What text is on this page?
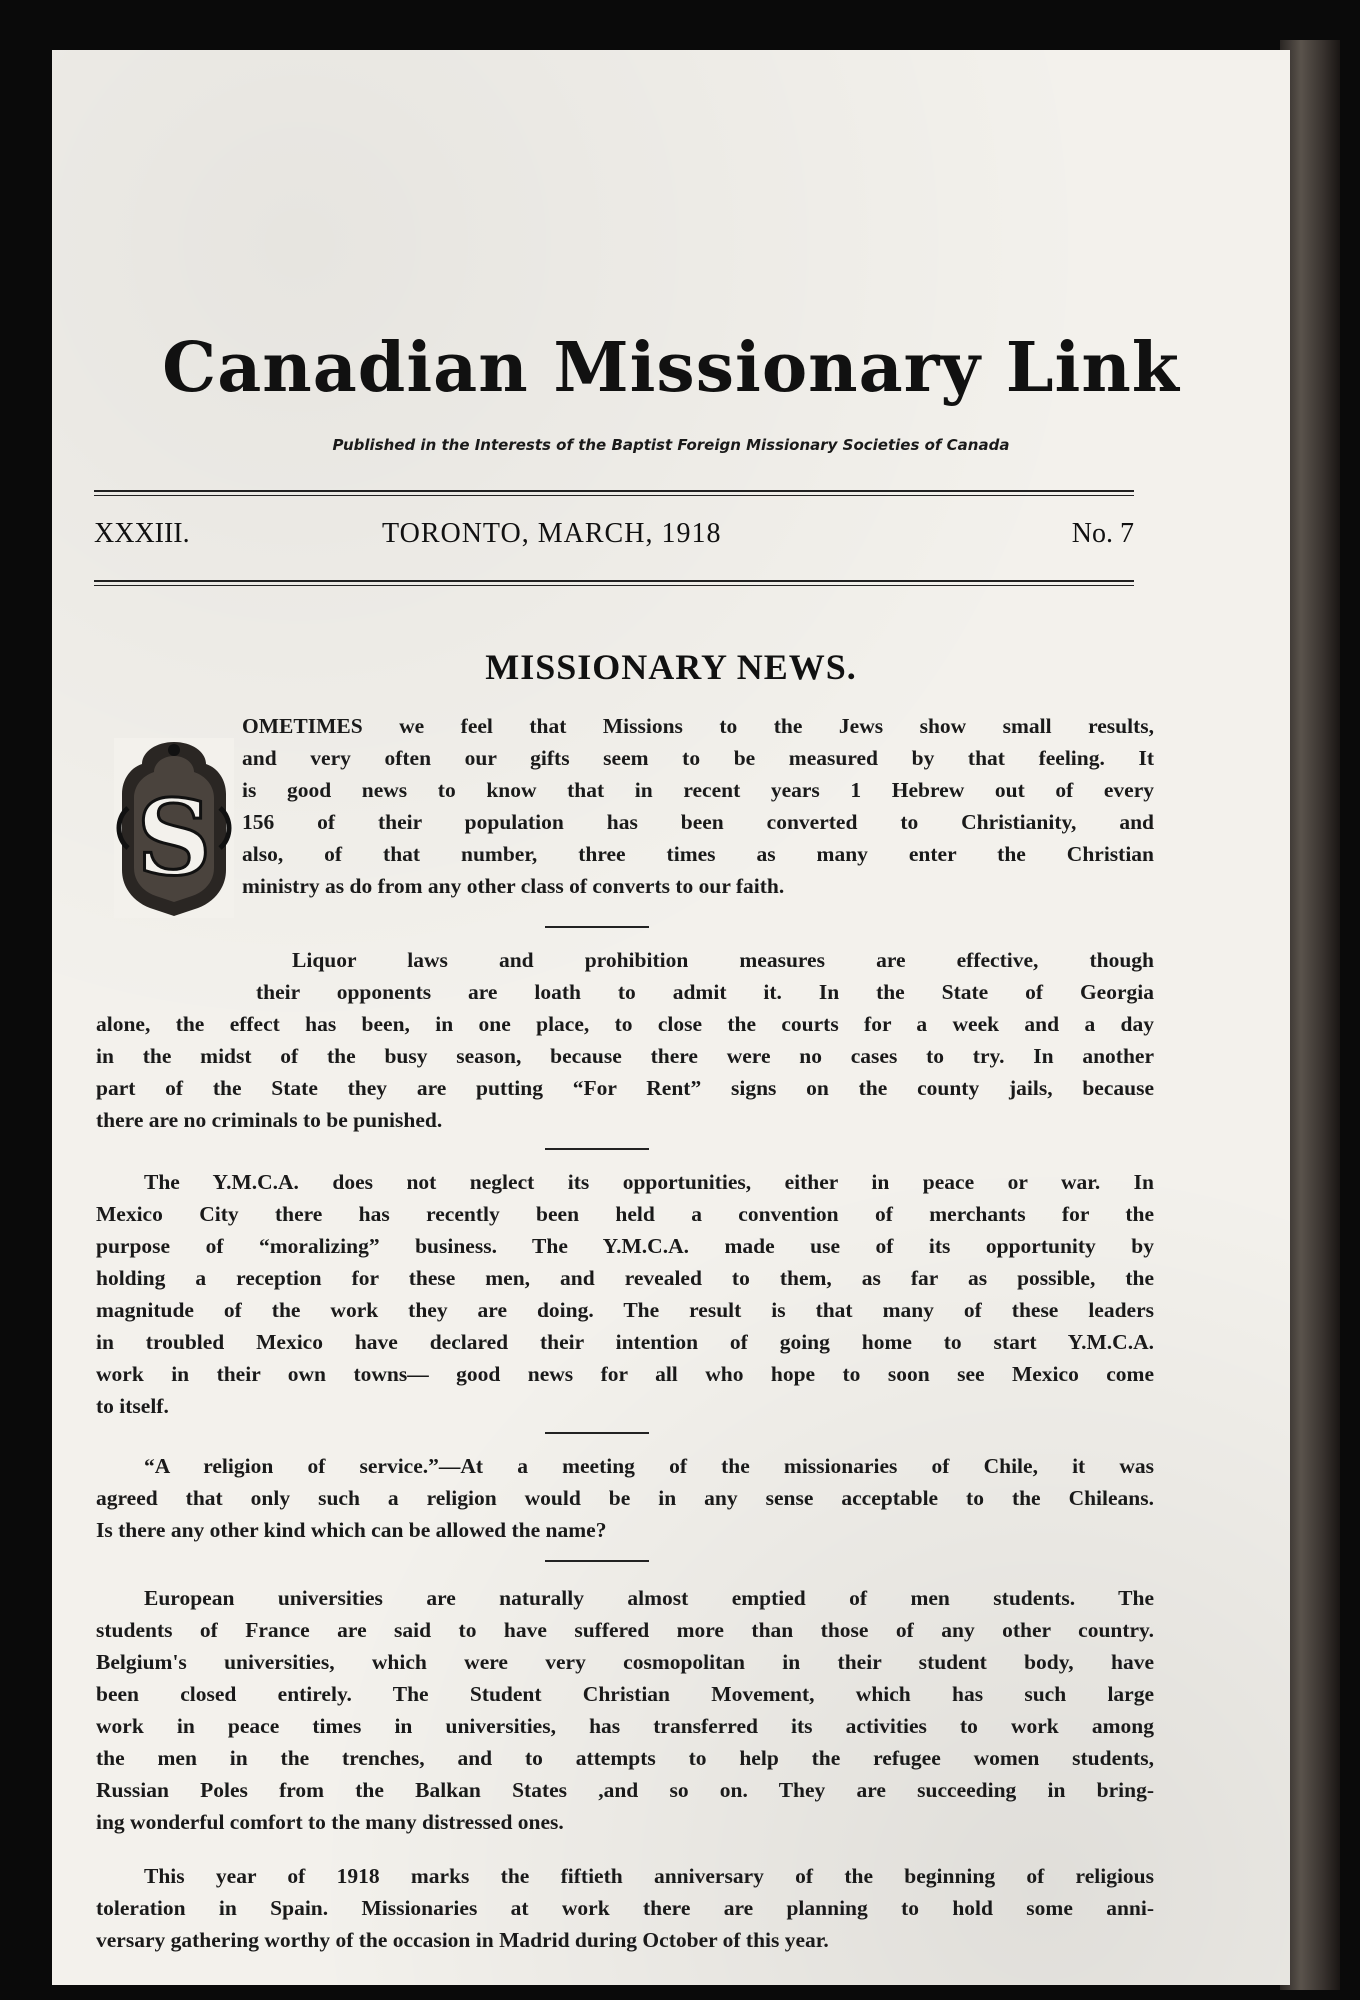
Canadian Missionary Link
Published in the Interests of the Baptist Foreign Missionary Societies of Canada
XXXIII.	TORONTO, MARCH, 1918	No. 7
MISSIONARY NEWS.
S
OMETIMES we feel that Missions to the Jews show small results,
and very often our gifts seem to be measured by that feeling. It
is good news to know that in recent years 1 Hebrew out of every
156 of their population has been converted to Christianity, and
also, of that number, three times as many enter the Christian
ministry as do from any other class of converts to our faith.
Liquor laws and prohibition measures are effective, though
their opponents are loath to admit it. In the State of Georgia
alone, the effect has been, in one place, to close the courts for a week and a day
in the midst of the busy season, because there were no cases to try. In another
part of the State they are putting “For Rent” signs on the county jails, because
there are no criminals to be punished.
The Y.M.C.A. does not neglect its opportunities, either in peace or war. In
Mexico City there has recently been held a convention of merchants for the
purpose of “moralizing” business. The Y.M.C.A. made use of its opportunity by
holding a reception for these men, and revealed to them, as far as possible, the
magnitude of the work they are doing. The result is that many of these leaders
in troubled Mexico have declared their intention of going home to start Y.M.C.A.
work in their own towns— good news for all who hope to soon see Mexico come
to itself.
“A religion of service.”—At a meeting of the missionaries of Chile, it was
agreed that only such a religion would be in any sense acceptable to the Chileans.
Is there any other kind which can be allowed the name?
European universities are naturally almost emptied of men students. The
students of France are said to have suffered more than those of any other country.
Belgium's universities, which were very cosmopolitan in their student body, have
been closed entirely. The Student Christian Movement, which has such large
work in peace times in universities, has transferred its activities to work among
the men in the trenches, and to attempts to help the refugee women students,
Russian Poles from the Balkan States ,and so on. They are succeeding in bring-
ing wonderful comfort to the many distressed ones.
This year of 1918 marks the fiftieth anniversary of the beginning of religious
toleration in Spain. Missionaries at work there are planning to hold some anni-
versary gathering worthy of the occasion in Madrid during October of this year.
